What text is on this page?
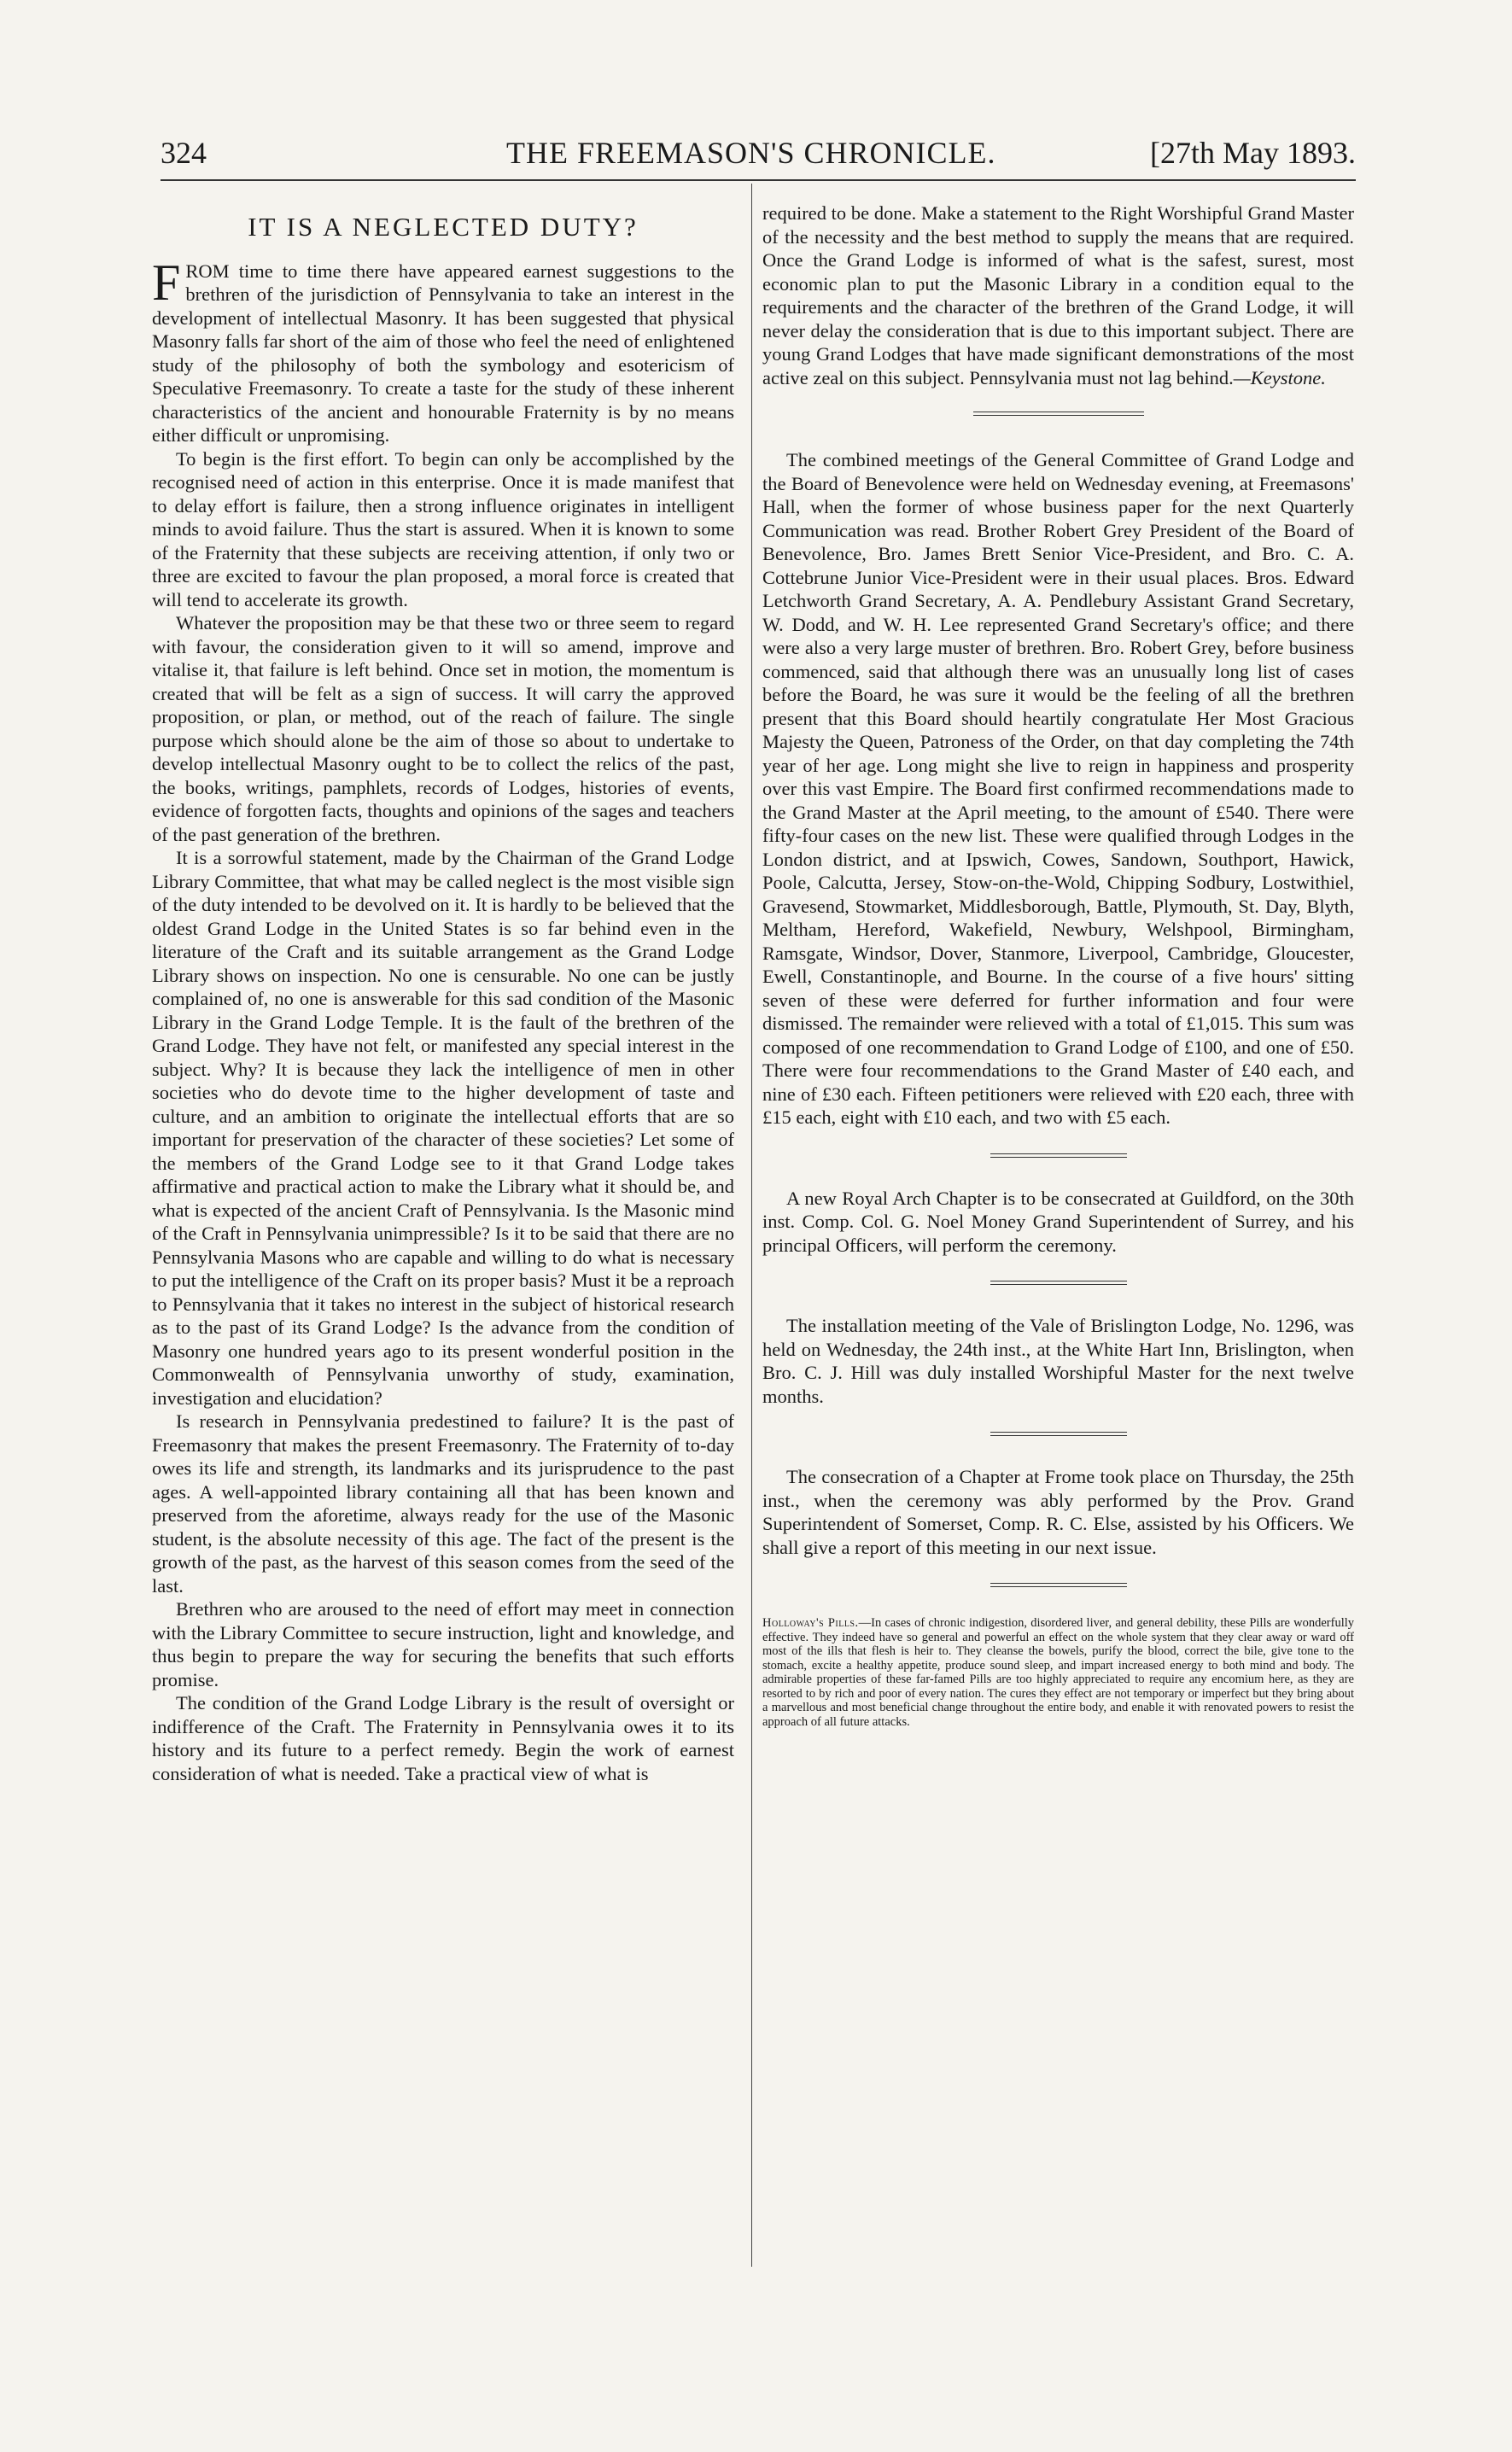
324	THE FREEMASON'S CHRONICLE.	[27th May 1893.
IT IS A NEGLECTED DUTY?

FROM time to time there have appeared earnest suggestions to the brethren of the jurisdiction of Pennsylvania to take an interest in the development of intellectual Masonry. It has been suggested that physical Masonry falls far short of the aim of those who feel the need of enlightened study of the philosophy of both the symbology and esotericism of Speculative Freemasonry. To create a taste for the study of these inherent characteristics of the ancient and honourable Fraternity is by no means either difficult or unpromising.

To begin is the first effort. To begin can only be accomplished by the recognised need of action in this enterprise. Once it is made manifest that to delay effort is failure, then a strong influence originates in intelligent minds to avoid failure. Thus the start is assured. When it is known to some of the Fraternity that these subjects are receiving attention, if only two or three are excited to favour the plan proposed, a moral force is created that will tend to accelerate its growth.

Whatever the proposition may be that these two or three seem to regard with favour, the consideration given to it will so amend, improve and vitalise it, that failure is left behind. Once set in motion, the momentum is created that will be felt as a sign of success. It will carry the approved proposition, or plan, or method, out of the reach of failure. The single purpose which should alone be the aim of those so about to undertake to develop intellectual Masonry ought to be to collect the relics of the past, the books, writings, pamphlets, records of Lodges, histories of events, evidence of forgotten facts, thoughts and opinions of the sages and teachers of the past generation of the brethren.

It is a sorrowful statement, made by the Chairman of the Grand Lodge Library Committee, that what may be called neglect is the most visible sign of the duty intended to be devolved on it. It is hardly to be believed that the oldest Grand Lodge in the United States is so far behind even in the literature of the Craft and its suitable arrangement as the Grand Lodge Library shows on inspection. No one is censurable. No one can be justly complained of, no one is answerable for this sad condition of the Masonic Library in the Grand Lodge Temple. It is the fault of the brethren of the Grand Lodge. They have not felt, or manifested any special interest in the subject. Why? It is because they lack the intelligence of men in other societies who do devote time to the higher development of taste and culture, and an ambition to originate the intellectual efforts that are so important for preservation of the character of these societies? Let some of the members of the Grand Lodge see to it that Grand Lodge takes affirmative and practical action to make the Library what it should be, and what is expected of the ancient Craft of Pennsylvania. Is the Masonic mind of the Craft in Pennsylvania unimpressible? Is it to be said that there are no Pennsylvania Masons who are capable and willing to do what is necessary to put the intelligence of the Craft on its proper basis? Must it be a reproach to Pennsylvania that it takes no interest in the subject of historical research as to the past of its Grand Lodge? Is the advance from the condition of Masonry one hundred years ago to its present wonderful position in the Commonwealth of Pennsylvania unworthy of study, examination, investigation and elucidation?

Is research in Pennsylvania predestined to failure? It is the past of Freemasonry that makes the present Freemasonry. The Fraternity of to-day owes its life and strength, its landmarks and its jurisprudence to the past ages. A well-appointed library containing all that has been known and preserved from the aforetime, always ready for the use of the Masonic student, is the absolute necessity of this age. The fact of the present is the growth of the past, as the harvest of this season comes from the seed of the last.

Brethren who are aroused to the need of effort may meet in connection with the Library Committee to secure instruction, light and knowledge, and thus begin to prepare the way for securing the benefits that such efforts promise.

The condition of the Grand Lodge Library is the result of oversight or indifference of the Craft. The Fraternity in Pennsylvania owes it to its history and its future to a perfect remedy. Begin the work of earnest consideration of what is needed. Take a practical view of what is

required to be done. Make a statement to the Right Worshipful Grand Master of the necessity and the best method to supply the means that are required. Once the Grand Lodge is informed of what is the safest, surest, most economic plan to put the Masonic Library in a condition equal to the requirements and the character of the brethren of the Grand Lodge, it will never delay the consideration that is due to this important subject. There are young Grand Lodges that have made significant demonstrations of the most active zeal on this subject. Pennsylvania must not lag behind.—Keystone.

The combined meetings of the General Committee of Grand Lodge and the Board of Benevolence were held on Wednesday evening, at Freemasons' Hall, when the former of whose business paper for the next Quarterly Communication was read. Brother Robert Grey President of the Board of Benevolence, Bro. James Brett Senior Vice-President, and Bro. C. A. Cottebrune Junior Vice-President were in their usual places. Bros. Edward Letchworth Grand Secretary, A. A. Pendlebury Assistant Grand Secretary, W. Dodd, and W. H. Lee represented Grand Secretary's office; and there were also a very large muster of brethren. Bro. Robert Grey, before business commenced, said that although there was an unusually long list of cases before the Board, he was sure it would be the feeling of all the brethren present that this Board should heartily congratulate Her Most Gracious Majesty the Queen, Patroness of the Order, on that day completing the 74th year of her age. Long might she live to reign in happiness and prosperity over this vast Empire. The Board first confirmed recommendations made to the Grand Master at the April meeting, to the amount of £540. There were fifty-four cases on the new list. These were qualified through Lodges in the London district, and at Ipswich, Cowes, Sandown, Southport, Hawick, Poole, Calcutta, Jersey, Stow-on-the-Wold, Chipping Sodbury, Lostwithiel, Gravesend, Stowmarket, Middlesborough, Battle, Plymouth, St. Day, Blyth, Meltham, Hereford, Wakefield, Newbury, Welshpool, Birmingham, Ramsgate, Windsor, Dover, Stanmore, Liverpool, Cambridge, Gloucester, Ewell, Constantinople, and Bourne. In the course of a five hours' sitting seven of these were deferred for further information and four were dismissed. The remainder were relieved with a total of £1,015. This sum was composed of one recommendation to Grand Lodge of £100, and one of £50. There were four recommendations to the Grand Master of £40 each, and nine of £30 each. Fifteen petitioners were relieved with £20 each, three with £15 each, eight with £10 each, and two with £5 each.

A new Royal Arch Chapter is to be consecrated at Guildford, on the 30th inst. Comp. Col. G. Noel Money Grand Superintendent of Surrey, and his principal Officers, will perform the ceremony.

The installation meeting of the Vale of Brislington Lodge, No. 1296, was held on Wednesday, the 24th inst., at the White Hart Inn, Brislington, when Bro. C. J. Hill was duly installed Worshipful Master for the next twelve months.

The consecration of a Chapter at Frome took place on Thursday, the 25th inst., when the ceremony was ably performed by the Prov. Grand Superintendent of Somerset, Comp. R. C. Else, assisted by his Officers. We shall give a report of this meeting in our next issue.

Holloway's Pills.—In cases of chronic indigestion, disordered liver, and general debility, these Pills are wonderfully effective. They indeed have so general and powerful an effect on the whole system that they clear away or ward off most of the ills that flesh is heir to. They cleanse the bowels, purify the blood, correct the bile, give tone to the stomach, excite a healthy appetite, produce sound sleep, and impart increased energy to both mind and body. The admirable properties of these far-famed Pills are too highly appreciated to require any encomium here, as they are resorted to by rich and poor of every nation. The cures they effect are not temporary or imperfect but they bring about a marvellous and most beneficial change throughout the entire body, and enable it with renovated powers to resist the approach of all future attacks.
